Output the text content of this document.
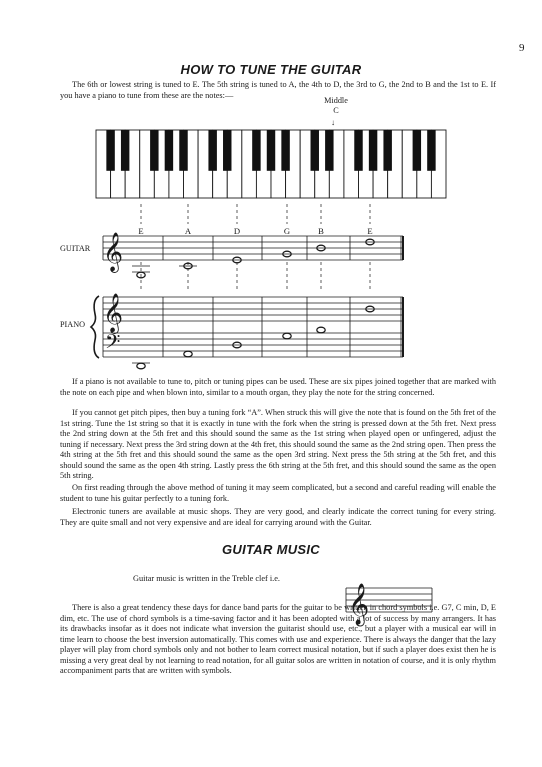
9
HOW TO TUNE THE GUITAR

The 6th or lowest string is tuned to E. The 5th string is tuned to A, the 4th to D, the 3rd to G, the 2nd to B and the 1st to E. If you have a piano to tune from these are the notes:—

Middle
C
↓
𝄞
𝄞
𝄢
𝄞
E	A	D	G	B	E
GUITAR
PIANO

If a piano is not available to tune to, pitch or tuning pipes can be used. These are six pipes joined together that are marked with the note on each pipe and when blown into, similar to a mouth organ, they play the note for the string concerned.

If you cannot get pitch pipes, then buy a tuning fork “A”. When struck this will give the note that is found on the 5th fret of the 1st string. Tune the 1st string so that it is exactly in tune with the fork when the string is pressed down at the 5th fret. Next press the 2nd string down at the 5th fret and this should sound the same as the 1st string when played open or unfingered, adjust the tuning if necessary. Next press the 3rd string down at the 4th fret, this should sound the same as the 2nd string open. Then press the 4th string at the 5th fret and this should sound the same as the open 3rd string. Next press the 5th string at the 5th fret, and this should sound the same as the open 4th string. Lastly press the 6th string at the 5th fret, and this should sound the same as the open 5th string.

On first reading through the above method of tuning it may seem complicated, but a second and careful reading will enable the student to tune his guitar perfectly to a tuning fork.

Electronic tuners are available at music shops. They are very good, and clearly indicate the correct tuning for every string. They are quite small and not very expensive and are ideal for carrying around with the Guitar.

GUITAR MUSIC
Guitar music is written in the Treble clef i.e.

There is also a great tendency these days for dance band parts for the guitar to be written in chord symbols i.e. G7, C min, D, E dim, etc. The use of chord symbols is a time-saving factor and it has been adopted with a lot of success by many arrangers. It has its drawbacks insofar as it does not indicate what inversion the guitarist should use, etc., but a player with a musical ear will in time learn to choose the best inversion automatically. This comes with use and experience. There is always the danger that the lazy player will play from chord symbols only and not bother to learn correct musical notation, but if such a player does exist then he is missing a very great deal by not learning to read notation, for all guitar solos are written in notation of course, and it is only rhythm accompaniment parts that are written with symbols.
